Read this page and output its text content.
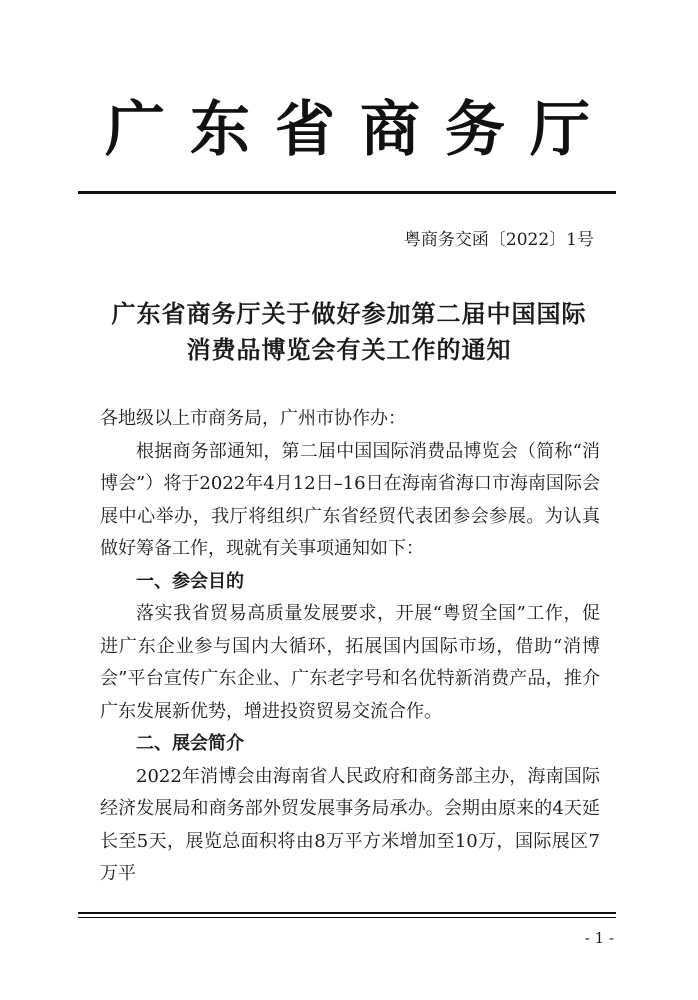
广东省商务厅
粤商务交函〔2022〕1号
广东省商务厅关于做好参加第二届中国国际
消费品博览会有关工作的通知

各地级以上市商务局，广州市协作办：

根据商务部通知，第二届中国国际消费品博览会（简称“消博会”）将于2022年4月12日–16日在海南省海口市海南国际会展中心举办，我厅将组织广东省经贸代表团参会参展。为认真做好筹备工作，现就有关事项通知如下：

一、参会目的

落实我省贸易高质量发展要求，开展“粤贸全国”工作，促进广东企业参与国内大循环，拓展国内国际市场，借助“消博会”平台宣传广东企业、广东老字号和名优特新消费产品，推介广东发展新优势，增进投资贸易交流合作。

二、展会简介

2022年消博会由海南省人民政府和商务部主办，海南国际经济发展局和商务部外贸发展事务局承办。会期由原来的4天延长至5天，展览总面积将由8万平方米增加至10万，国际展区7万平

- 1 -
